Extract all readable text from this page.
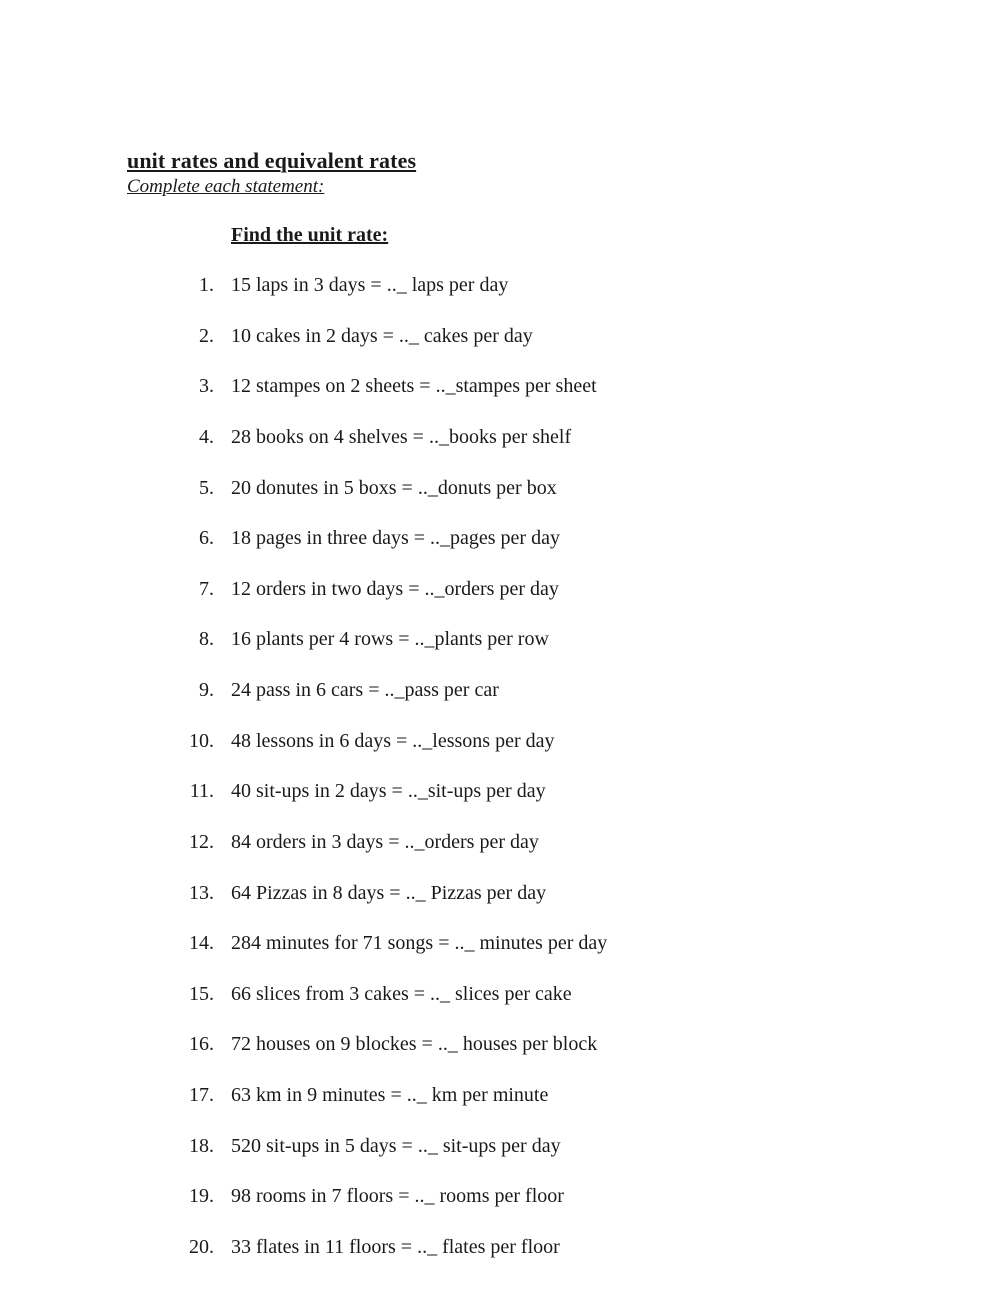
unit rates and equivalent rates
Complete each statement:
Find the unit rate:
1. 15 laps in 3 days = .._ laps per day
2. 10 cakes in 2 days = .._ cakes per day
3. 12 stampes on 2 sheets = .._stampes per sheet
4. 28 books on 4 shelves = .._books per shelf
5. 20 donutes in 5 boxs = .._donuts per box
6. 18 pages in three days = .._pages per day
7. 12 orders in two days = .._orders per day
8. 16 plants per 4 rows = .._plants per row
9. 24 pass in 6 cars = .._pass per car
10. 48 lessons in 6 days = .._lessons per day
11. 40 sit-ups in 2 days = .._sit-ups per day
12. 84 orders in 3 days = .._orders per day
13. 64 Pizzas in 8 days = .._ Pizzas per day
14. 284 minutes for 71 songs = .._ minutes per day
15. 66 slices from 3 cakes = .._ slices per cake
16. 72 houses on 9 blockes = .._ houses per block
17. 63 km in 9 minutes = .._ km per minute
18. 520 sit-ups in 5 days = .._ sit-ups per day
19. 98 rooms in 7 floors = .._ rooms per floor
20. 33 flates in 11 floors = .._ flates per floor
